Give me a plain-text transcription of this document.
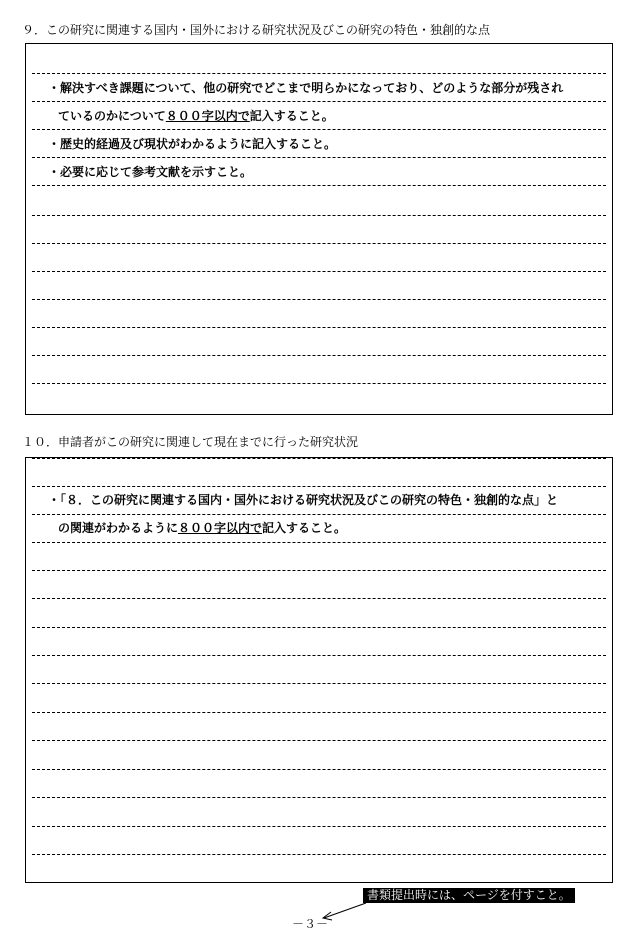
９．この研究に関連する国内・国外における研究状況及びこの研究の特色・独創的な点
・解決すべき課題について、他の研究でどこまで明らかになっており、どのような部分が残され
ているのかについて８００字以内で記入すること。
・歴史的経過及び現状がわかるように記入すること。
・必要に応じて参考文献を示すこと。
１０．申請者がこの研究に関連して現在までに行った研究状況
・「８．この研究に関連する国内・国外における研究状況及びこの研究の特色・独創的な点」と
の関連がわかるように８００字以内で記入すること。
書類提出時には、ページを付すこと。
－３－
